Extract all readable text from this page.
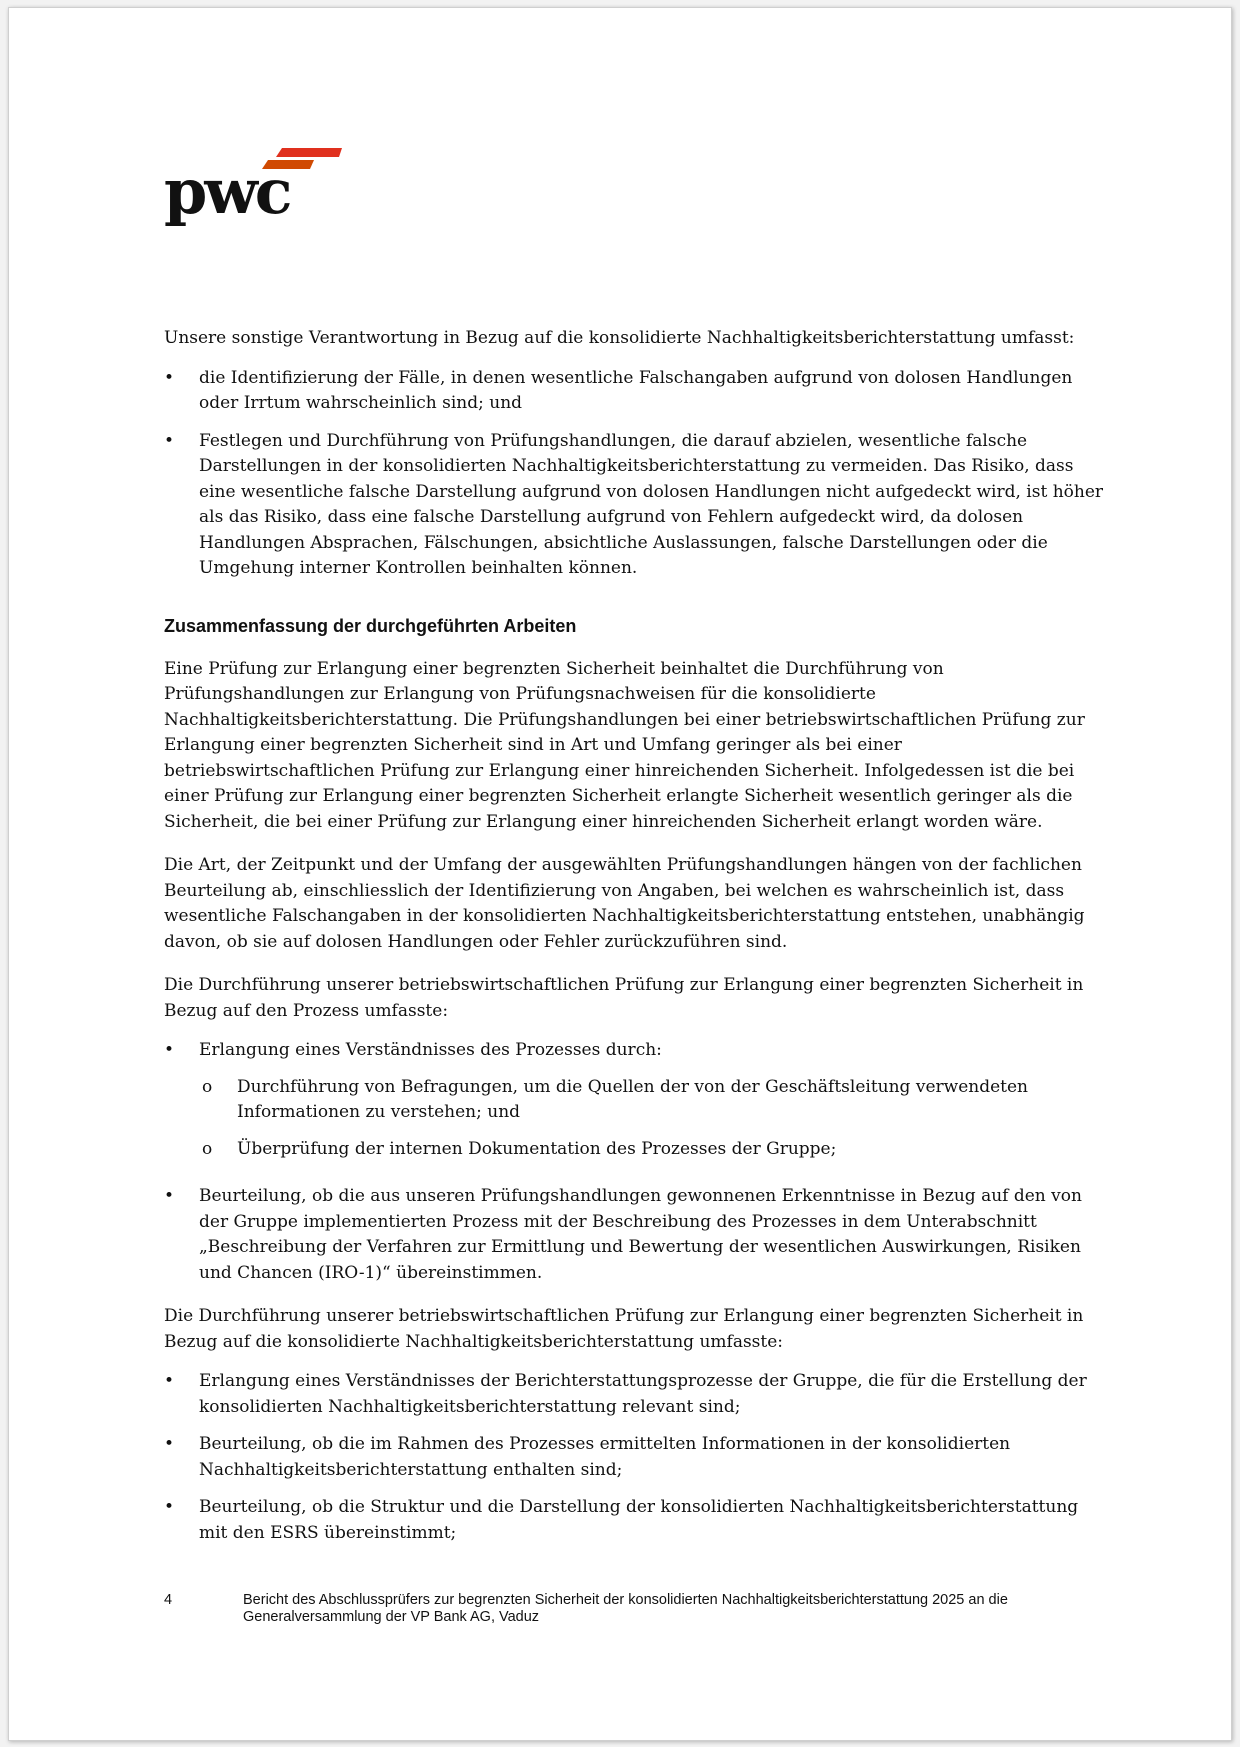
pwc

Unsere sonstige Verantwortung in Bezug auf die konsolidierte Nachhaltigkeitsberichterstattung umfasst:

• die Identifizierung der Fälle, in denen wesentliche Falschangaben aufgrund von dolosen Handlungen oder Irrtum wahrscheinlich sind; und
• Festlegen und Durchführung von Prüfungshandlungen, die darauf abzielen, wesentliche falsche Darstellungen in der konsolidierten Nachhaltigkeitsberichterstattung zu vermeiden. Das Risiko, dass eine wesentliche falsche Darstellung aufgrund von dolosen Handlungen nicht aufgedeckt wird, ist höher als das Risiko, dass eine falsche Darstellung aufgrund von Fehlern aufgedeckt wird, da dolosen Handlungen Absprachen, Fälschungen, absichtliche Auslassungen, falsche Darstellungen oder die Umgehung interner Kontrollen beinhalten können.
Zusammenfassung der durchgeführten Arbeiten

Eine Prüfung zur Erlangung einer begrenzten Sicherheit beinhaltet die Durchführung von Prüfungshandlungen zur Erlangung von Prüfungsnachweisen für die konsolidierte Nachhaltigkeitsberichterstattung. Die Prüfungshandlungen bei einer betriebswirtschaftlichen Prüfung zur Erlangung einer begrenzten Sicherheit sind in Art und Umfang geringer als bei einer betriebswirtschaftlichen Prüfung zur Erlangung einer hinreichenden Sicherheit. Infolgedessen ist die bei einer Prüfung zur Erlangung einer begrenzten Sicherheit erlangte Sicherheit wesentlich geringer als die Sicherheit, die bei einer Prüfung zur Erlangung einer hinreichenden Sicherheit erlangt worden wäre.

Die Art, der Zeitpunkt und der Umfang der ausgewählten Prüfungshandlungen hängen von der fachlichen Beurteilung ab, einschliesslich der Identifizierung von Angaben, bei welchen es wahrscheinlich ist, dass wesentliche Falschangaben in der konsolidierten Nachhaltigkeitsberichterstattung entstehen, unabhängig davon, ob sie auf dolosen Handlungen oder Fehler zurückzuführen sind.

Die Durchführung unserer betriebswirtschaftlichen Prüfung zur Erlangung einer begrenzten Sicherheit in Bezug auf den Prozess umfasste:

• Erlangung eines Verständnisses des Prozesses durch:
o Durchführung von Befragungen, um die Quellen der von der Geschäftsleitung verwendeten Informationen zu verstehen; und
o Überprüfung der internen Dokumentation des Prozesses der Gruppe;
• Beurteilung, ob die aus unseren Prüfungshandlungen gewonnenen Erkenntnisse in Bezug auf den von der Gruppe implementierten Prozess mit der Beschreibung des Prozesses in dem Unterabschnitt „Beschreibung der Verfahren zur Ermittlung und Bewertung der wesentlichen Auswirkungen, Risiken und Chancen (IRO-1)“ übereinstimmen.

Die Durchführung unserer betriebswirtschaftlichen Prüfung zur Erlangung einer begrenzten Sicherheit in Bezug auf die konsolidierte Nachhaltigkeitsberichterstattung umfasste:

• Erlangung eines Verständnisses der Berichterstattungsprozesse der Gruppe, die für die Erstellung der konsolidierten Nachhaltigkeitsberichterstattung relevant sind;
• Beurteilung, ob die im Rahmen des Prozesses ermittelten Informationen in der konsolidierten Nachhaltigkeitsberichterstattung enthalten sind;
• Beurteilung, ob die Struktur und die Darstellung der konsolidierten Nachhaltigkeitsberichterstattung mit den ESRS übereinstimmt;
4	Bericht des Abschlussprüfers zur begrenzten Sicherheit der konsolidierten Nachhaltigkeitsberichterstattung 2025 an die Generalversammlung der VP Bank AG, Vaduz
